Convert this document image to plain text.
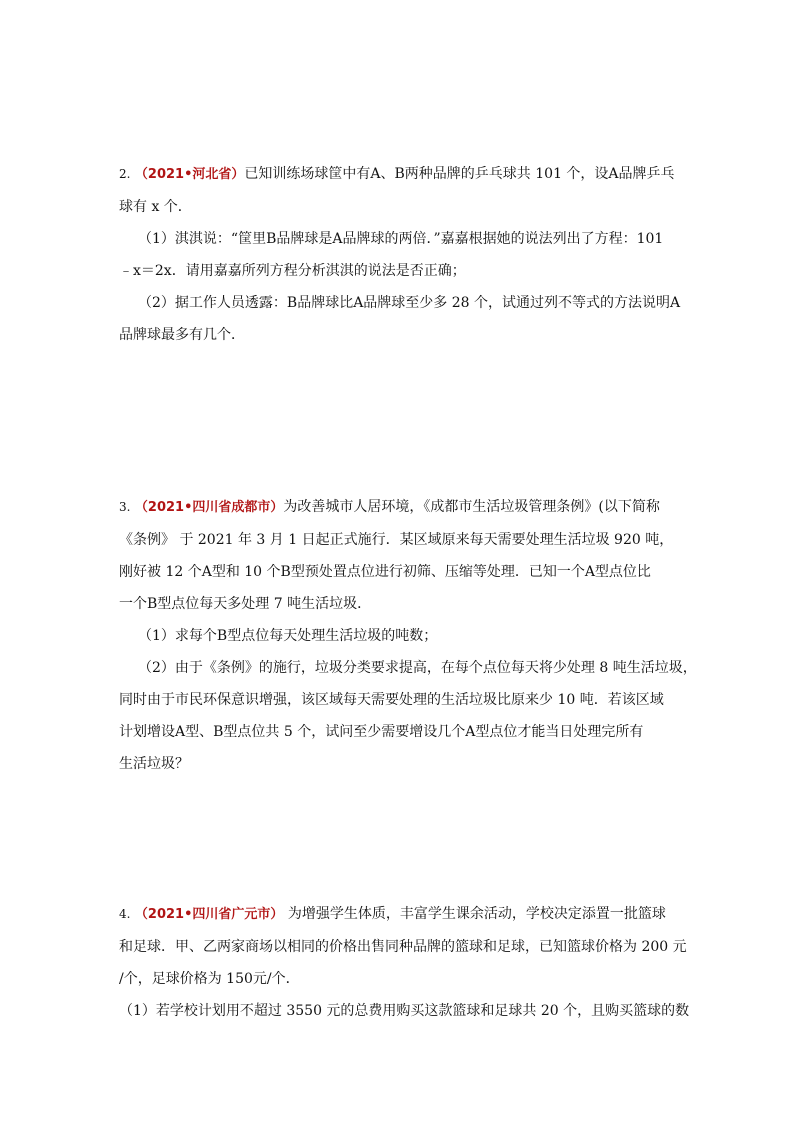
2. （2021•河北省）已知训练场球筐中有A、B两种品牌的乒乓球共 101 个，设A品牌乒乓
球有 x 个．
（1）淇淇说：“筐里B品牌球是A品牌球的两倍．”嘉嘉根据她的说法列出了方程：101
﹣x＝2x．请用嘉嘉所列方程分析淇淇的说法是否正确；
（2）据工作人员透露：B品牌球比A品牌球至少多 28 个，试通过列不等式的方法说明A
品牌球最多有几个．
3. （2021•四川省成都市）为改善城市人居环境，《成都市生活垃圾管理条例》(以下简称
《条例》 于 2021 年 3 月 1 日起正式施行．某区域原来每天需要处理生活垃圾 920 吨，
刚好被 12 个A型和 10 个B型预处置点位进行初筛、压缩等处理．已知一个A型点位比
一个B型点位每天多处理 7 吨生活垃圾．
（1）求每个B型点位每天处理生活垃圾的吨数；
（2）由于《条例》的施行，垃圾分类要求提高，在每个点位每天将少处理 8 吨生活垃圾，
同时由于市民环保意识增强，该区域每天需要处理的生活垃圾比原来少 10 吨．若该区域
计划增设A型、B型点位共 5 个，试问至少需要增设几个A型点位才能当日处理完所有
生活垃圾？
4. （2021•四川省广元市） 为增强学生体质，丰富学生课余活动，学校决定添置一批篮球
和足球．甲、乙两家商场以相同的价格出售同种品牌的篮球和足球，已知篮球价格为 200 元
/个，足球价格为 150元/个．
（1）若学校计划用不超过 3550 元的总费用购买这款篮球和足球共 20 个，且购买篮球的数
